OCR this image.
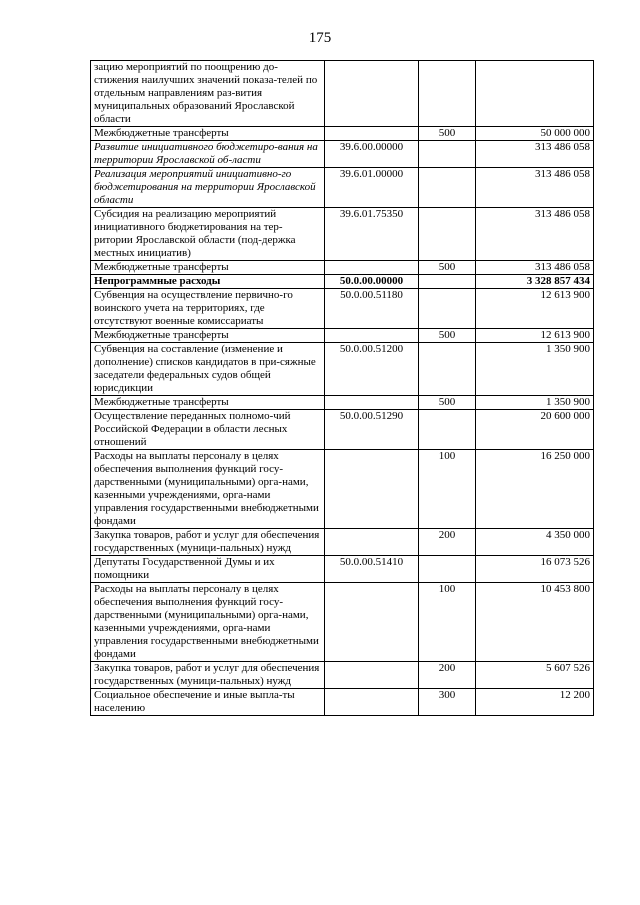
175
зацию мероприятий по поощрению до-стижения наилучших значений показа-телей по отдельным направлениям раз-вития муниципальных образований Ярославской области			
Межбюджетные трансферты		500	50 000 000
Развитие инициативного бюджетиро-вания на территории Ярославской об-ласти	39.6.00.00000		313 486 058
Реализация мероприятий инициативно-го бюджетирования на территории Ярославской области	39.6.01.00000		313 486 058
Субсидия на реализацию мероприятий инициативного бюджетирования на тер-ритории Ярославской области (под-держка местных инициатив)	39.6.01.75350		313 486 058
Межбюджетные трансферты		500	313 486 058
Непрограммные расходы	50.0.00.00000		3 328 857 434
Субвенция на осуществление первично-го воинского учета на территориях, где отсутствуют военные комиссариаты	50.0.00.51180		12 613 900
Межбюджетные трансферты		500	12 613 900
Субвенция на составление (изменение и дополнение) списков кандидатов в при-сяжные заседатели федеральных судов общей юрисдикции	50.0.00.51200		1 350 900
Межбюджетные трансферты		500	1 350 900
Осуществление переданных полномо-чий Российской Федерации в области лесных отношений	50.0.00.51290		20 600 000
Расходы на выплаты персоналу в целях обеспечения выполнения функций госу-дарственными (муниципальными) орга-нами, казенными учреждениями, орга-нами управления государственными внебюджетными фондами		100	16 250 000
Закупка товаров, работ и услуг для обеспечения государственных (муници-пальных) нужд		200	4 350 000
Депутаты Государственной Думы и их помощники	50.0.00.51410		16 073 526
Расходы на выплаты персоналу в целях обеспечения выполнения функций госу-дарственными (муниципальными) орга-нами, казенными учреждениями, орга-нами управления государственными внебюджетными фондами		100	10 453 800
Закупка товаров, работ и услуг для обеспечения государственных (муници-пальных) нужд		200	5 607 526
Социальное обеспечение и иные выпла-ты населению		300	12 200
